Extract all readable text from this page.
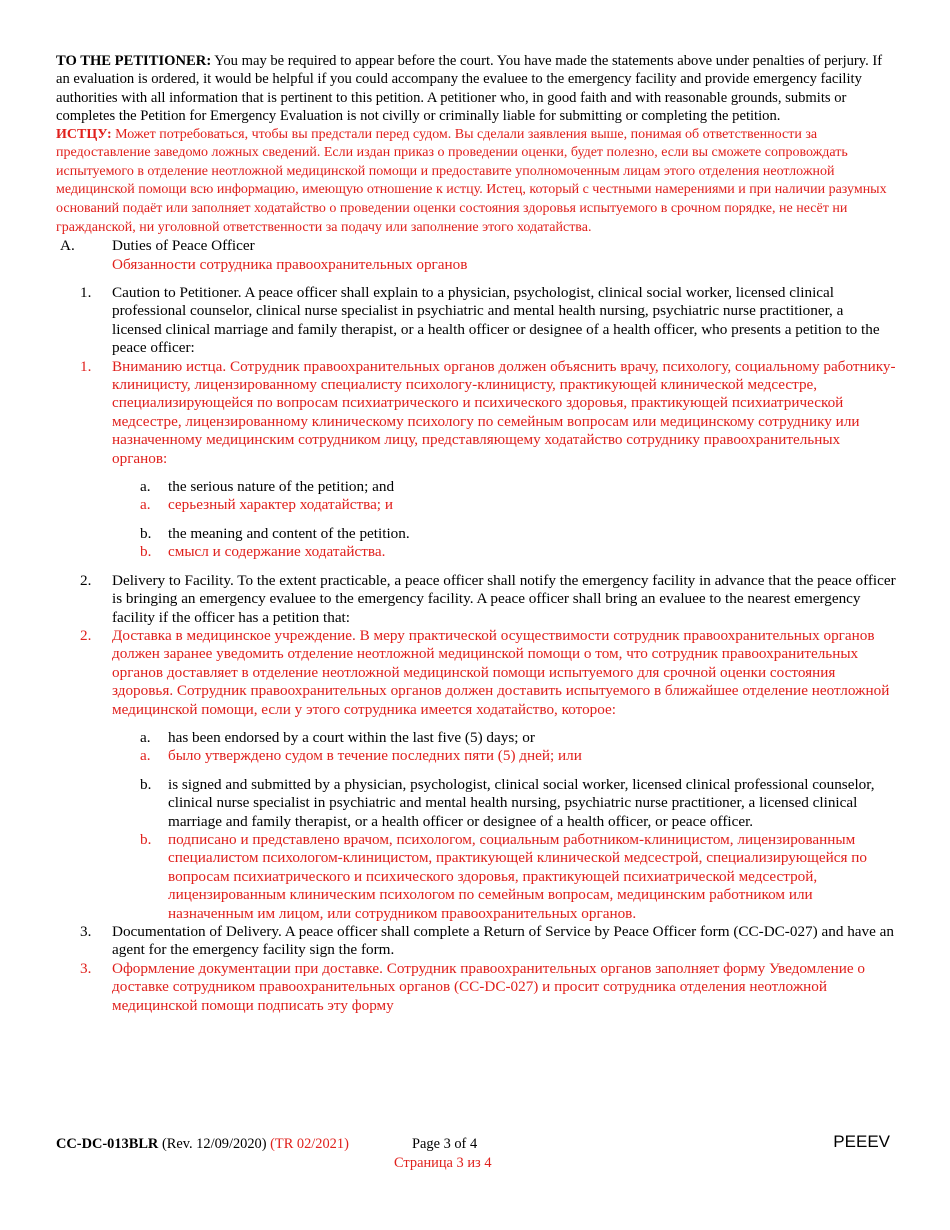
TO THE PETITIONER: You may be required to appear before the court. You have made the statements above under penalties of perjury. If an evaluation is ordered, it would be helpful if you could accompany the evaluee to the emergency facility and provide emergency facility authorities with all information that is pertinent to this petition. A petitioner who, in good faith and with reasonable grounds, submits or completes the Petition for Emergency Evaluation is not civilly or criminally liable for submitting or completing the petition.
ИСТЦУ: Может потребоваться, чтобы вы предстали перед судом. Вы сделали заявления выше, понимая об ответственности за предоставление заведомо ложных сведений. Если издан приказ о проведении оценки, будет полезно, если вы сможете сопровождать испытуемого в отделение неотложной медицинской помощи и предоставите уполномоченным лицам этого отделения неотложной медицинской помощи всю информацию, имеющую отношение к истцу. Истец, который с честными намерениями и при наличии разумных оснований подаёт или заполняет ходатайство о проведении оценки состояния здоровья испытуемого в срочном порядке, не несёт ни гражданской, ни уголовной ответственности за подачу или заполнение этого ходатайства.
A.	Duties of Peace Officer
Обязанности сотрудника правоохранительных органов
1.	Caution to Petitioner. A peace officer shall explain to a physician, psychologist, clinical social worker, licensed clinical professional counselor, clinical nurse specialist in psychiatric and mental health nursing, psychiatric nurse practitioner, a licensed clinical marriage and family therapist, or a health officer or designee of a health officer, who presents a petition to the peace officer:
1.	Вниманию истца. Сотрудник правоохранительных органов должен объяснить врачу, психологу, социальному работнику-клиницисту, лицензированному специалисту психологу-клиницисту, практикующей клинической медсестре, специализирующейся по вопросам психиатрического и психического здоровья, практикующей психиатрической медсестре, лицензированному клиническому психологу по семейным вопросам или медицинскому сотруднику или назначенному медицинским сотрудником лицу, представляющему ходатайство сотруднику правоохранительных органов:
a.	the serious nature of the petition; and
a.	серьезный характер ходатайства; и
b.	the meaning and content of the petition.
b.	смысл и содержание ходатайства.
2.	Delivery to Facility. To the extent practicable, a peace officer shall notify the emergency facility in advance that the peace officer is bringing an emergency evaluee to the emergency facility. A peace officer shall bring an evaluee to the nearest emergency facility if the officer has a petition that:
2.	Доставка в медицинское учреждение. В меру практической осуществимости сотрудник правоохранительных органов должен заранее уведомить отделение неотложной медицинской помощи о том, что сотрудник правоохранительных органов доставляет в отделение неотложной медицинской помощи испытуемого для срочной оценки состояния здоровья. Сотрудник правоохранительных органов должен доставить испытуемого в ближайшее отделение неотложной медицинской помощи, если у этого сотрудника имеется ходатайство, которое:
a.	has been endorsed by a court within the last five (5) days; or
a.	было утверждено судом в течение последних пяти (5) дней; или
b.	is signed and submitted by a physician, psychologist, clinical social worker, licensed clinical professional counselor, clinical nurse specialist in psychiatric and mental health nursing, psychiatric nurse practitioner, a licensed clinical marriage and family therapist, or a health officer or designee of a health officer, or peace officer.
b.	подписано и представлено врачом, психологом, социальным работником-клиницистом, лицензированным специалистом психологом-клиницистом, практикующей клинической медсестрой, специализирующейся по вопросам психиатрического и психического здоровья, практикующей психиатрической медсестрой, лицензированным клиническим психологом по семейным вопросам, медицинским работником или назначенным им лицом, или сотрудником правоохранительных органов.
3.	Documentation of Delivery. A peace officer shall complete a Return of Service by Peace Officer form (CC-DC-027) and have an agent for the emergency facility sign the form.
3.	Оформление документации при доставке. Сотрудник правоохранительных органов заполняет форму Уведомление о доставке сотрудником правоохранительных органов (CC-DC-027) и просит сотрудника отделения неотложной медицинской помощи подписать эту форму
CC-DC-013BLR (Rev. 12/09/2020) (TR 02/2021)	Page 3 of 4
Страница 3 из 4
PEEEV
